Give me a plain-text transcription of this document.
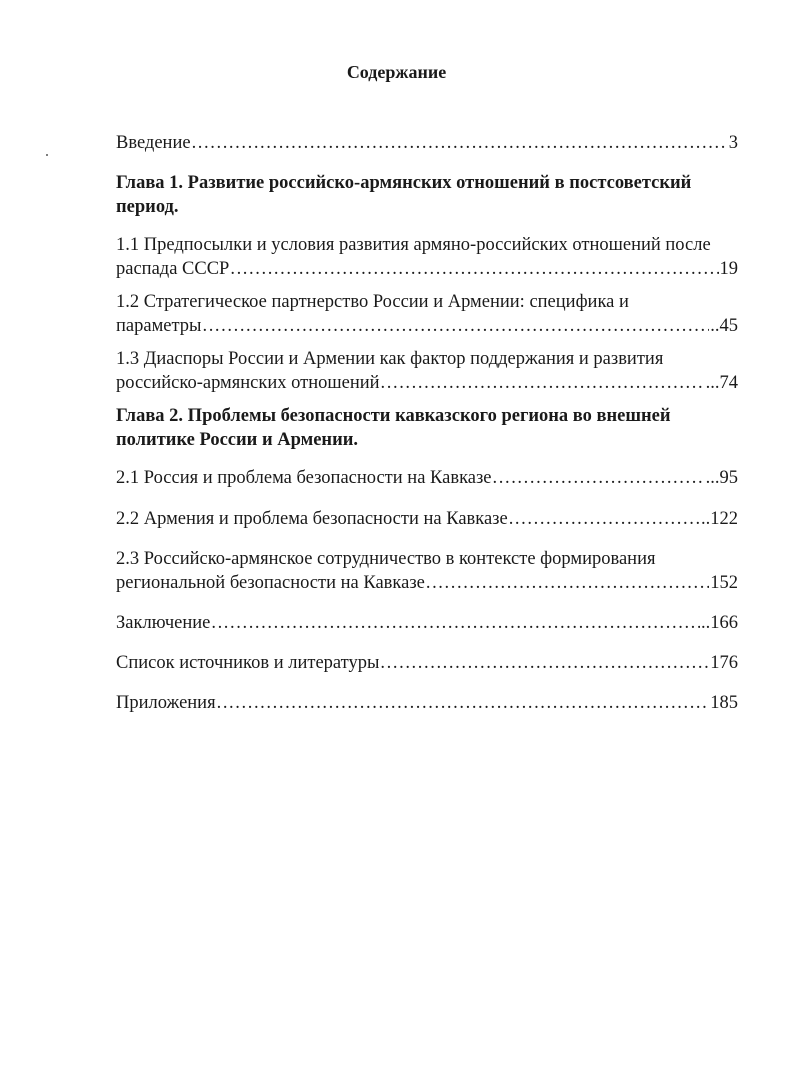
Содержание
Введение .....	3
Глава 1. Развитие российско-армянских отношений в постсоветский
период.
1.1 Предпосылки и условия развития армяно-российских отношений после
распада СССР .....	19
1.2 Стратегическое партнерство России и Армении: специфика и
параметры .....	..45
1.3 Диаспоры России и Армении как фактор поддержания и развития
российско-армянских отношений .....	...74
Глава 2. Проблемы безопасности кавказского региона во внешней
политике России и Армении.
2.1 Россия и проблема безопасности на Кавказе .....	...95
2.2 Армения и проблема безопасности на Кавказе .....	..122
2.3 Российско-армянское сотрудничество в контексте формирования
региональной безопасности на Кавказе .....	152
Заключение .....	..166
Список источников и литературы .....	176
Приложения .....	185
